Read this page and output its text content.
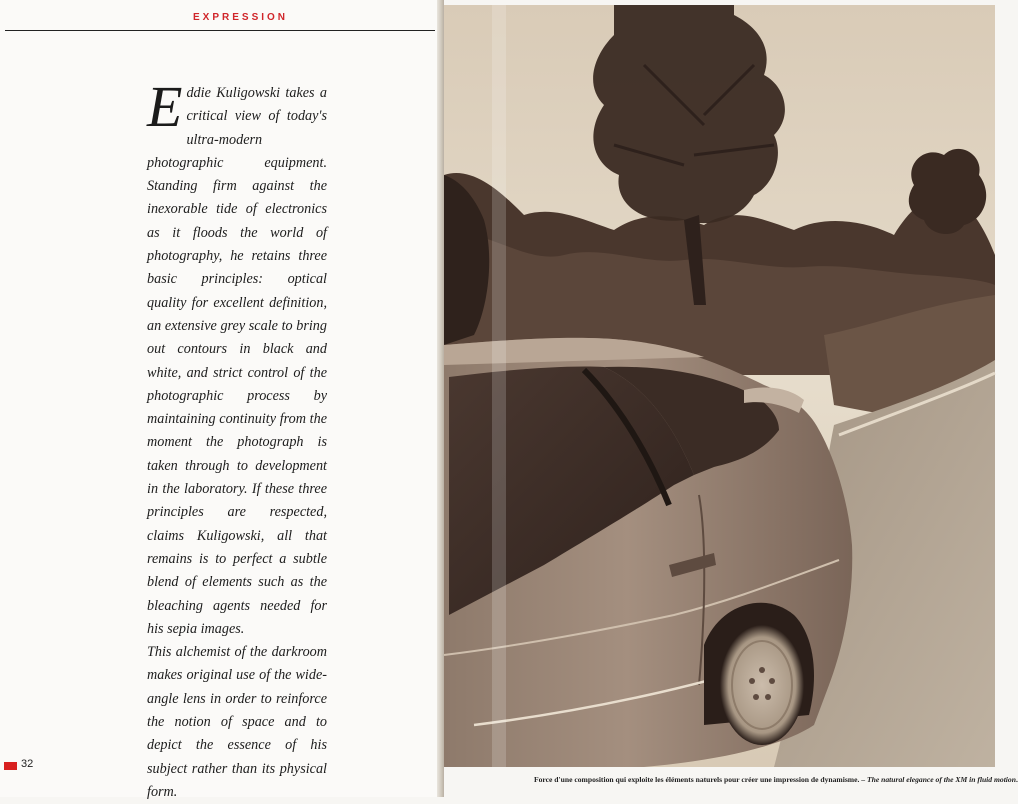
EXPRESSION

Eddie Kuligowski takes a critical view of today's ultra-modern photographic equipment. Standing firm against the inexorable tide of electronics as it floods the world of photography, he retains three basic principles: optical quality for excellent definition, an extensive grey scale to bring out contours in black and white, and strict control of the photographic process by maintaining continuity from the moment the photograph is taken through to development in the laboratory. If these three principles are respected, claims Kuligowski, all that remains is to perfect a subtle blend of elements such as the bleaching agents needed for his sepia images.

This alchemist of the darkroom makes original use of the wide-angle lens in order to reinforce the notion of space and to depict the essence of his subject rather than its physical form.

32
Force d'une composition qui exploite les éléments naturels pour créer une impression de dynamisme. – The natural elegance of the XM in fluid motion.
